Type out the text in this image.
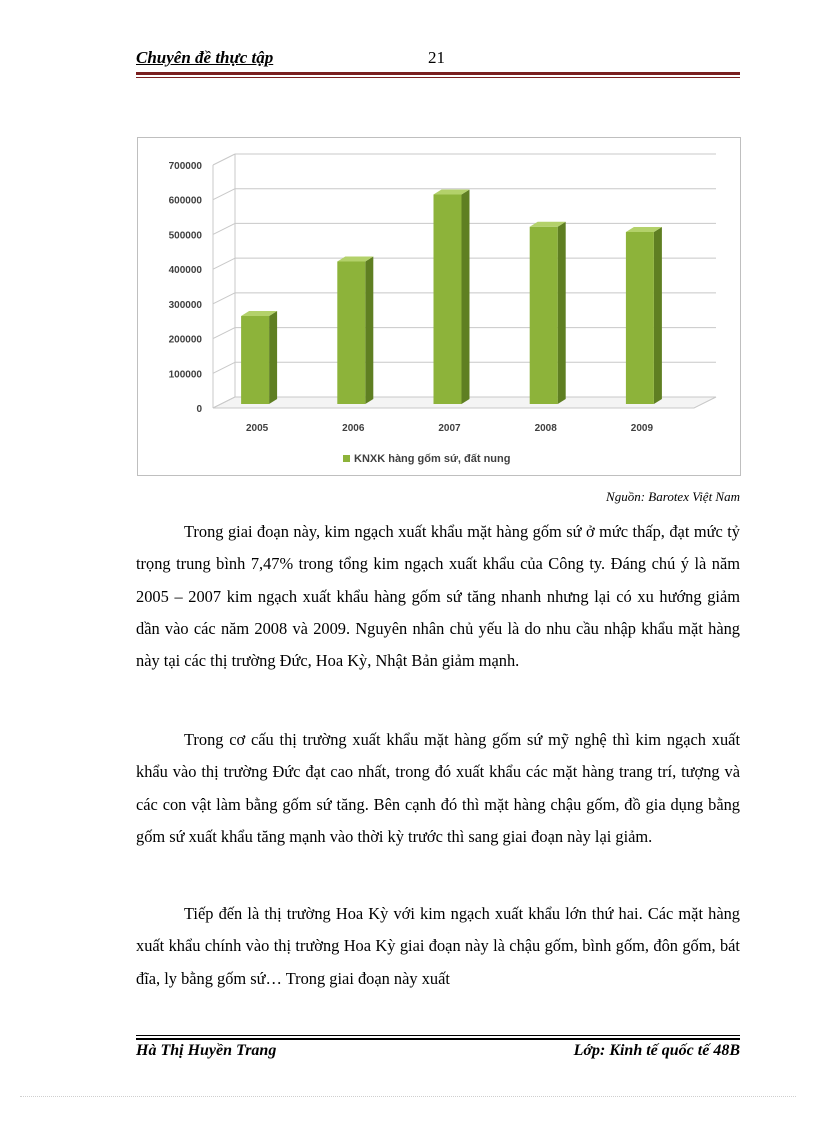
Chuyên đề thực tập	21
700000
600000
500000
400000
300000
200000
100000
0
2005	2006	2007	2008	2009
KNXK hàng gốm sứ, đất nung
Nguồn: Barotex Việt Nam

Trong giai đoạn này, kim ngạch xuất khẩu mặt hàng gốm sứ ở mức thấp, đạt mức tỷ trọng trung bình 7,47% trong tổng kim ngạch xuất khẩu của Công ty. Đáng chú ý là năm 2005 – 2007 kim ngạch xuất khẩu hàng gốm sứ tăng nhanh nhưng lại có xu hướng giảm dần vào các năm 2008 và 2009. Nguyên nhân chủ yếu là do nhu cầu nhập khẩu mặt hàng này tại các thị trường Đức, Hoa Kỳ, Nhật Bản giảm mạnh.

Trong cơ cấu thị trường xuất khẩu mặt hàng gốm sứ mỹ nghệ thì kim ngạch xuất khẩu vào thị trường Đức đạt cao nhất, trong đó xuất khẩu các mặt hàng trang trí, tượng và các con vật làm bằng gốm sứ tăng. Bên cạnh đó thì mặt hàng chậu gốm, đồ gia dụng bằng gốm sứ xuất khẩu tăng mạnh vào thời kỳ trước thì sang giai đoạn này lại giảm.

Tiếp đến là thị trường Hoa Kỳ với kim ngạch xuất khẩu lớn thứ hai. Các mặt hàng xuất khẩu chính vào thị trường Hoa Kỳ giai đoạn này là chậu gốm, bình gốm, đôn gốm, bát đĩa, ly bằng gốm sứ… Trong giai đoạn này xuất

Hà Thị Huyền Trang	Lớp: Kinh tế quốc tế 48B
